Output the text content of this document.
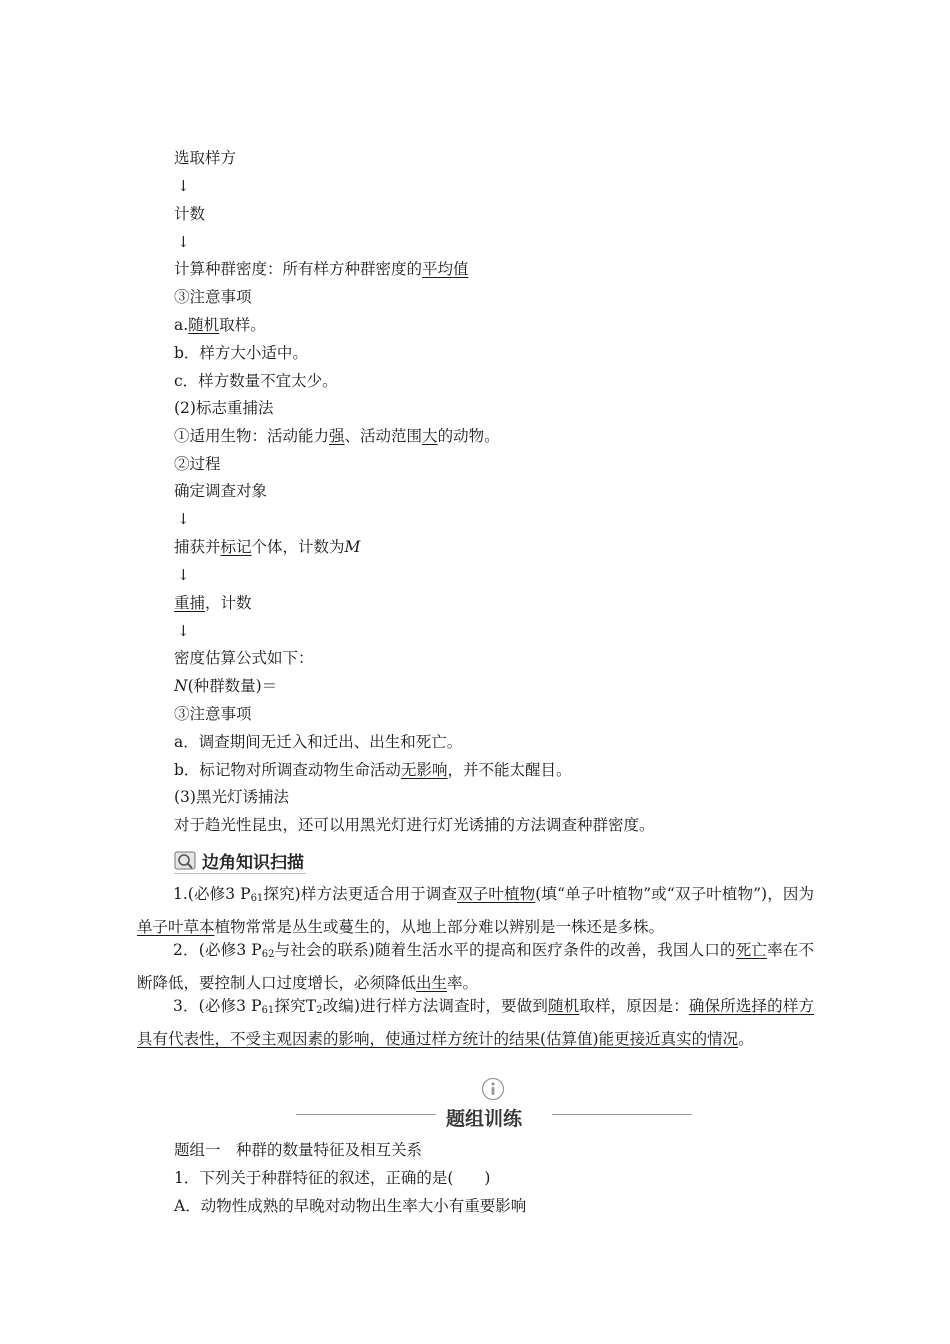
选取样方
↓
计数
↓
计算种群密度：所有样方种群密度的平均值
③注意事项
a.随机取样。
b．样方大小适中。
c．样方数量不宜太少。
(2)标志重捕法
①适用生物：活动能力强、活动范围大的动物。
②过程
确定调查对象
↓
捕获并标记个体，计数为M
↓
重捕，计数
↓
密度估算公式如下：
N(种群数量)＝
③注意事项
a．调查期间无迁入和迁出、出生和死亡。
b．标记物对所调查动物生命活动无影响，并不能太醒目。
(3)黑光灯诱捕法
对于趋光性昆虫，还可以用黑光灯进行灯光诱捕的方法调查种群密度。
边角知识扫描
1.(必修3 $P_{61}$探究)样方法更适合用于调查双子叶植物(填“单子叶植物”或“双子叶植物”)，因为单子叶草本植物常常是丛生或蔓生的，从地上部分难以辨别是一株还是多株。
2．(必修3 $P_{62}$与社会的联系)随着生活水平的提高和医疗条件的改善，我国人口的死亡率在不断降低，要控制人口过度增长，必须降低出生率。
3．(必修3 $P_{61}$探究$T_2$改编)进行样方法调查时，要做到随机取样，原因是：确保所选择的样方具有代表性，不受主观因素的影响，使通过样方统计的结果(估算值)能更接近真实的情况。
题组训练
题组一　种群的数量特征及相互关系
1．下列关于种群特征的叙述，正确的是(　　)
A．动物性成熟的早晚对动物出生率大小有重要影响
